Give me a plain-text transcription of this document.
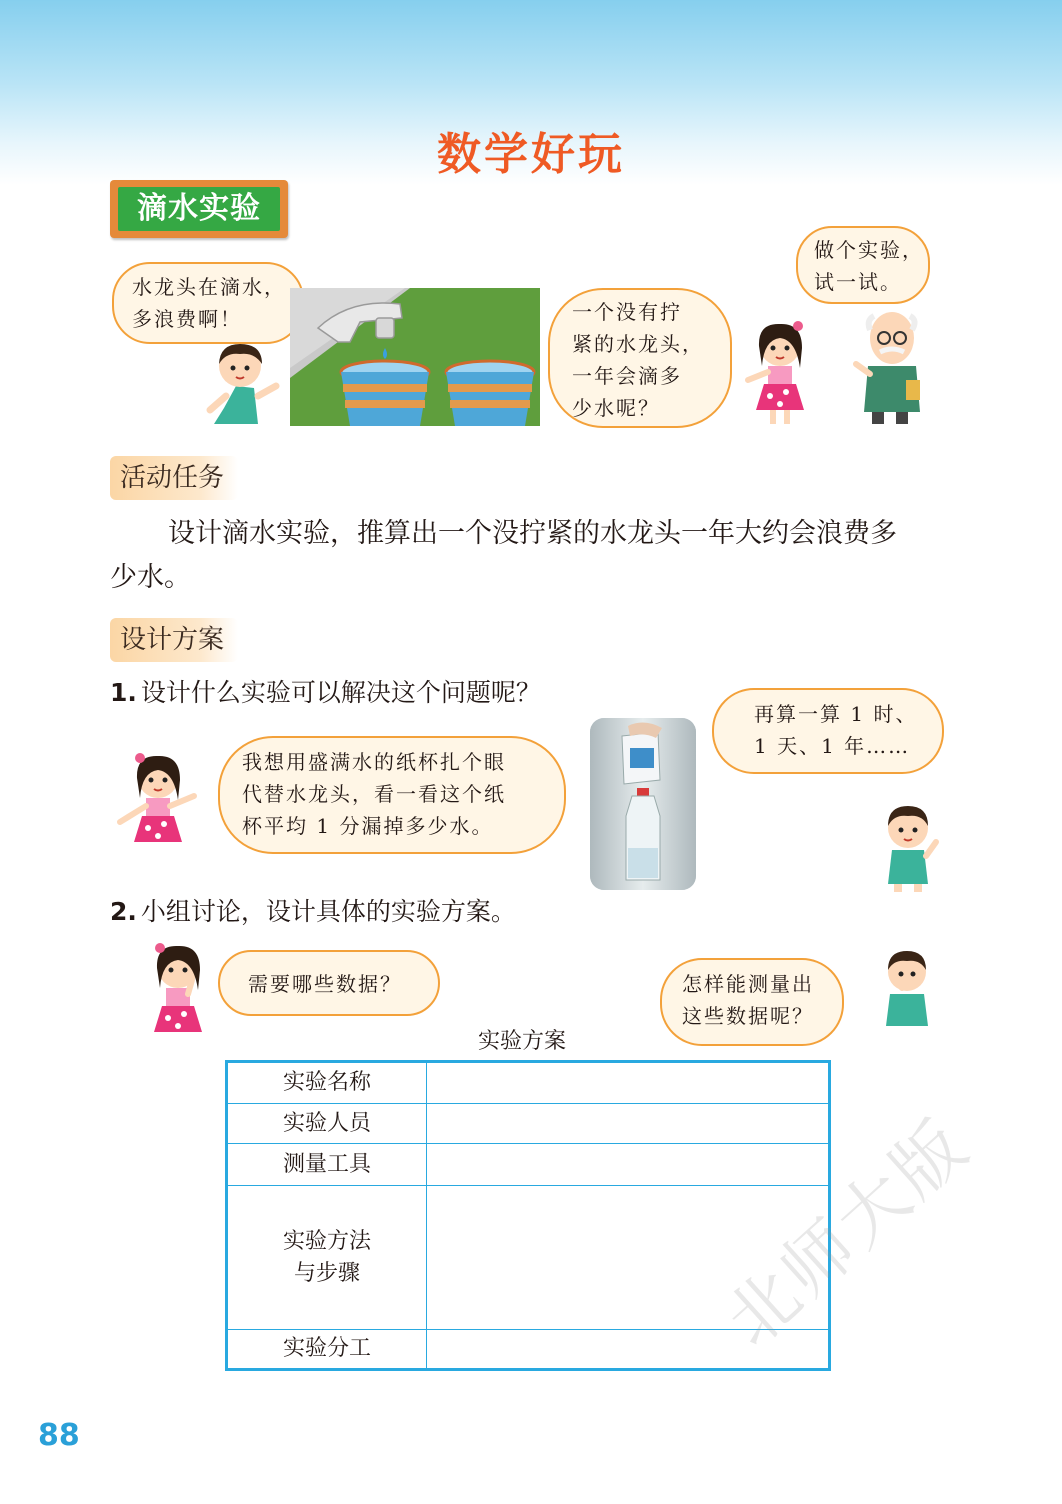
数学好玩
滴水实验
水龙头在滴水，
多浪费啊！	一个没有拧
紧的水龙头，
一年会滴多
少水呢？
做个实验，
试一试。
活动任务
设计滴水实验，推算出一个没拧紧的水龙头一年大约会浪费多
少水。
设计方案
1. 设计什么实验可以解决这个问题呢？
我想用盛满水的纸杯扎个眼
代替水龙头，看一看这个纸
杯平均 1 分漏掉多少水。
再算一算 1 时、
1 天、1 年……
2. 小组讨论，设计具体的实验方案。
需要哪些数据？	怎样能测量出
这些数据呢？
实验方案
实验名称	
实验人员	
测量工具	

实验方法
与步骤	

实验分工	
88
北师大版
